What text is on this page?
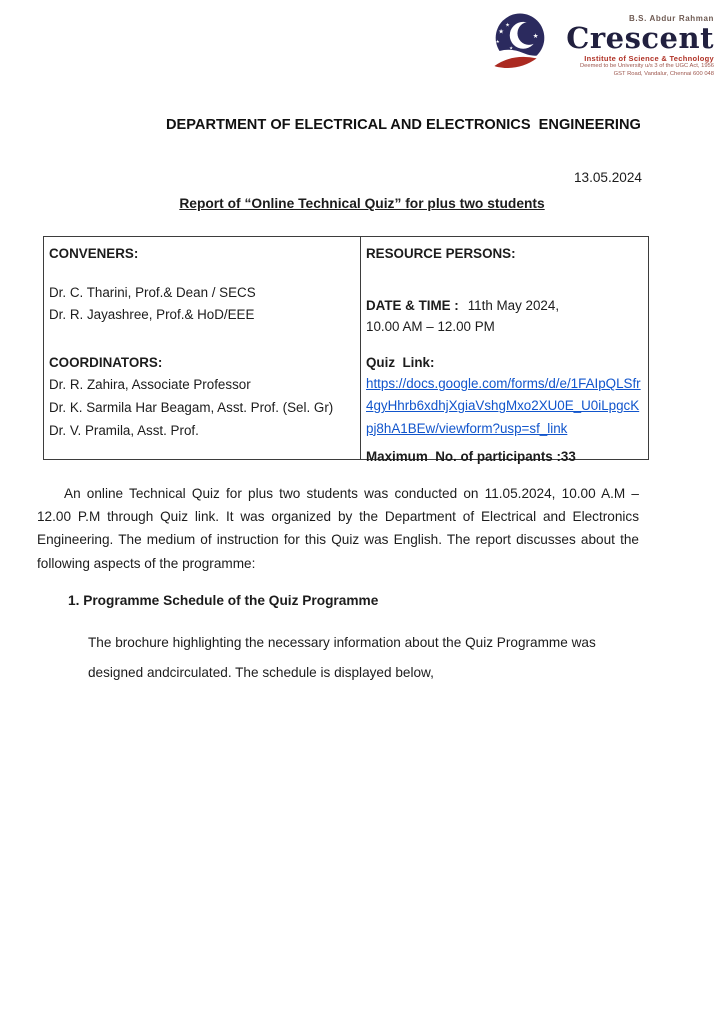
★
★
★
★
★
B.S. Abdur Rahman
Crescent
Institute of Science & Technology
Deemed to be University u/s 3 of the UGC Act, 1956
GST Road, Vandalur, Chennai 600 048
DEPARTMENT OF ELECTRICAL AND ELECTRONICS  ENGINEERING
13.05.2024
Report of “Online Technical Quiz” for plus two students
CONVENERS:
Dr. C. Tharini, Prof.& Dean / SECS
Dr. R. Jayashree, Prof.& HoD/EEE
COORDINATORS:
Dr. R. Zahira, Associate Professor
Dr. K. Sarmila Har Beagam, Asst. Prof. (Sel. Gr)
Dr. V. Pramila, Asst. Prof.
RESOURCE PERSONS:
DATE & TIME : 11th May 2024,
10.00 AM – 12.00 PM
Quiz  Link:
https://docs.google.com/forms/d/e/1FAIpQLSfr
4gyHhrb6xdhjXgiaVshgMxo2XU0E_U0iLpgcK
pj8hA1BEw/viewform?usp=sf_link
Maximum  No. of participants :33
An online Technical Quiz for plus two students was conducted on 11.05.2024, 10.00 A.M – 12.00 P.M through Quiz link. It was organized by the Department of Electrical and Electronics Engineering. The medium of instruction for this Quiz was English. The report discusses about the following aspects of the programme:
1. Programme Schedule of the Quiz Programme
The brochure highlighting the necessary information about the Quiz Programme was designed andcirculated. The schedule is displayed below,
